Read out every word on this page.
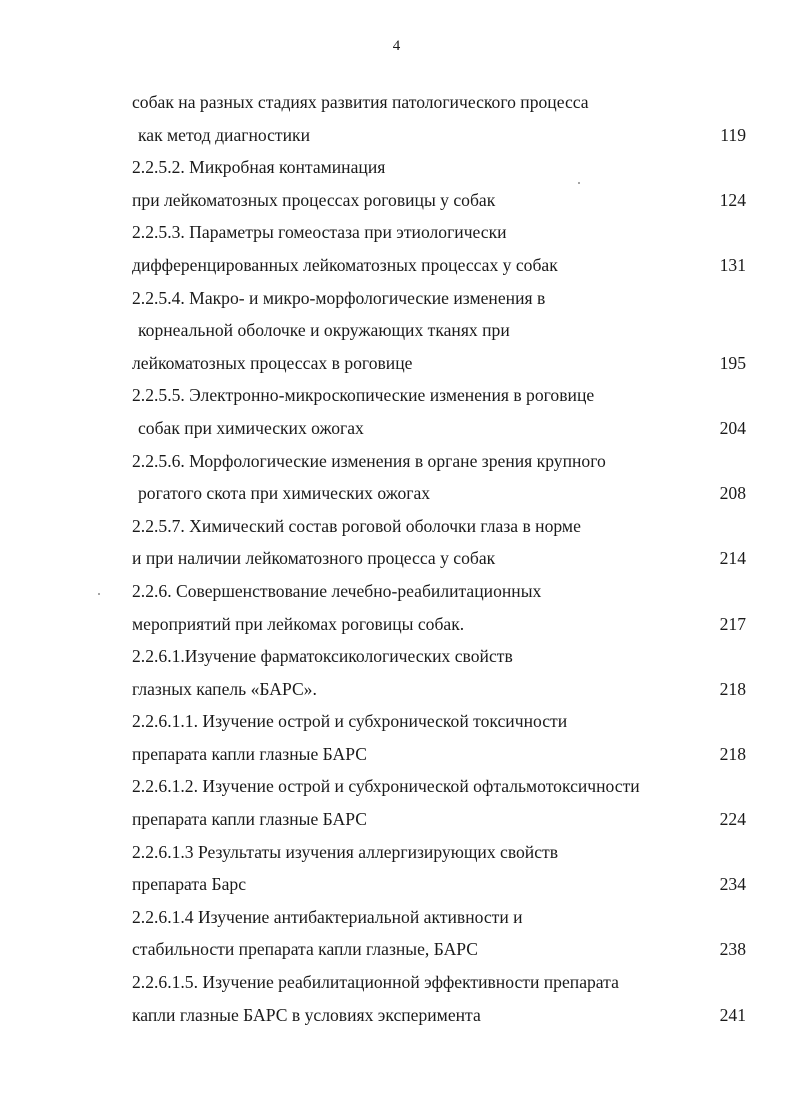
4
собак на разных стадиях развития патологического процесса
как метод диагностики	119
2.2.5.2. Микробная контаминация
при лейкоматозных процессах роговицы у собак	124
2.2.5.3. Параметры гомеостаза при этиологически
дифференцированных лейкоматозных процессах у собак	131
2.2.5.4. Макро- и микро-морфологические изменения в
корнеальной оболочке и окружающих тканях при
лейкоматозных процессах в роговице	195
2.2.5.5. Электронно-микроскопические изменения в роговице
собак при химических ожогах	204
2.2.5.6. Морфологические изменения в органе зрения крупного
рогатого скота при химических ожогах	208
2.2.5.7. Химический состав роговой оболочки глаза в норме
и при наличии лейкоматозного процесса у собак	214
2.2.6. Совершенствование лечебно-реабилитационных
мероприятий при лейкомах роговицы собак.	217
2.2.6.1.Изучение фарматоксикологических свойств
глазных капель «БАРС».	218
2.2.6.1.1. Изучение острой и субхронической токсичности
препарата капли глазные БАРС	218
2.2.6.1.2. Изучение острой и субхронической офтальмотоксичности
препарата капли глазные БАРС	224
2.2.6.1.3 Результаты изучения аллергизирующих свойств
препарата Барс	234
2.2.6.1.4 Изучение антибактериальной активности и
стабильности препарата капли глазные, БАРС	238
2.2.6.1.5. Изучение реабилитационной эффективности препарата
капли глазные БАРС в условиях эксперимента	241
